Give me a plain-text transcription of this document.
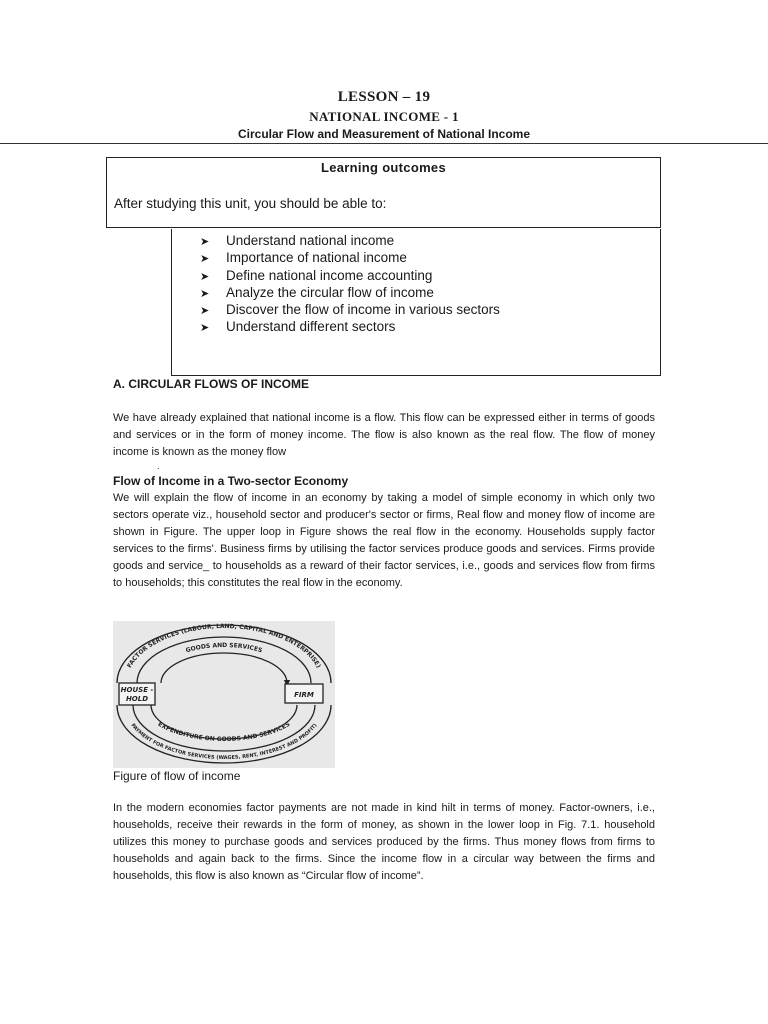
LESSON – 19
NATIONAL INCOME - 1
Circular Flow and Measurement of National Income
Learning outcomes
After studying this unit, you should be able to:
➤ Understand national income
➤ Importance of national income
➤ Define national income accounting
➤ Analyze the circular flow of income
➤ Discover the flow of income in various sectors
➤ Understand different sectors
A. CIRCULAR FLOWS OF INCOME

We have already explained that national income is a flow. This flow can be expressed either in terms of goods and services or in the form of money income. The flow is also known as the real flow. The flow of money income is known as the money flow

.
Flow of Income in a Two-sector Economy

We will explain the flow of income in an economy by taking a model of simple economy in which only two sectors operate viz., household sector and producer's sector or firms, Real flow and money flow of income are shown in Figure. The upper loop in Figure shows the real flow in the economy. Households supply factor services to the firms'. Business firms by utilising the factor services produce goods and services. Firms provide goods and service_ to households as a reward of their factor services, i.e., goods and services flow from firms to households; this constitutes the real flow in the economy.

FACTOR SERVICES (LABOUR, LAND, CAPITAL AND ENTERPRISE)
GOODS AND SERVICES
EXPENDITURE ON GOODS AND SERVICES
PAYMENT FOR FACTOR SERVICES (WAGES, RENT, INTEREST AND PROFIT)
HOUSE -
HOLD	FIRM
Figure of flow of income

In the modern economies factor payments are not made in kind hilt in terms of money. Factor-owners, i.e., households, receive their rewards in the form of money, as shown in the lower loop in Fig. 7.1. household utilizes this money to purchase goods and services produced by the firms. Thus money flows from firms to households and again back to the firms. Since the income flow in a circular way between the firms and households, this flow is also known as “Circular flow of income”.
